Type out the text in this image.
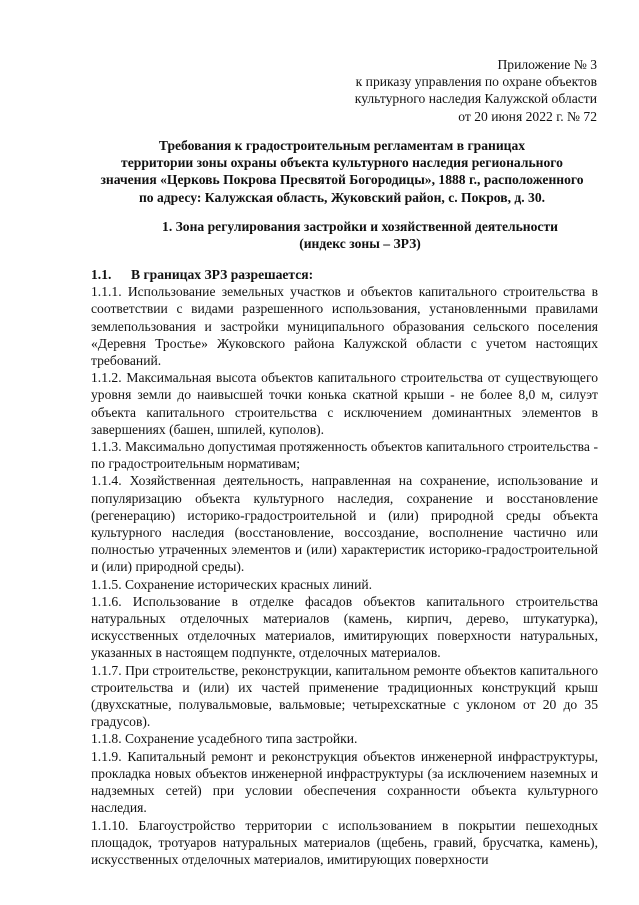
Приложение № 3
к приказу управления по охране объектов
культурного наследия Калужской области
от 20 июня 2022 г. № 72
Требования к градостроительным регламентам в границах
территории зоны охраны объекта культурного наследия регионального
значения «Церковь Покрова Пресвятой Богородицы», 1888 г., расположенного
по адресу: Калужская область, Жуковский район, с. Покров, д. 30.
1. Зона регулирования застройки и хозяйственной деятельности
(индекс зоны – ЗРЗ)

1.1. В границах ЗРЗ разрешается:

1.1.1. Использование земельных участков и объектов капитального строительства в соответствии с видами разрешенного использования, установленными правилами землепользования и застройки муниципального образования сельского поселения «Деревня Тростье» Жуковского района Калужской области с учетом настоящих требований.

1.1.2. Максимальная высота объектов капитального строительства от существующего уровня земли до наивысшей точки конька скатной крыши - не более 8,0 м, силуэт объекта капитального строительства с исключением доминантных элементов в завершениях (башен, шпилей, куполов).

1.1.3. Максимально допустимая протяженность объектов капитального строительства - по градостроительным нормативам;

1.1.4. Хозяйственная деятельность, направленная на сохранение, использование и популяризацию объекта культурного наследия, сохранение и восстановление (регенерацию) историко-градостроительной и (или) природной среды объекта культурного наследия (восстановление, воссоздание, восполнение частично или полностью утраченных элементов и (или) характеристик историко-градостроительной и (или) природной среды).

1.1.5. Сохранение исторических красных линий.

1.1.6. Использование в отделке фасадов объектов капитального строительства натуральных отделочных материалов (камень, кирпич, дерево, штукатурка), искусственных отделочных материалов, имитирующих поверхности натуральных, указанных в настоящем подпункте, отделочных материалов.

1.1.7. При строительстве, реконструкции, капитальном ремонте объектов капитального строительства и (или) их частей применение традиционных конструкций крыш (двухскатные, полувальмовые, вальмовые; четырехскатные с уклоном от 20 до 35 градусов).

1.1.8. Сохранение усадебного типа застройки.

1.1.9. Капитальный ремонт и реконструкция объектов инженерной инфраструктуры, прокладка новых объектов инженерной инфраструктуры (за исключением наземных и надземных сетей) при условии обеспечения сохранности объекта культурного наследия.

1.1.10. Благоустройство территории с использованием в покрытии пешеходных площадок, тротуаров натуральных материалов (щебень, гравий, брусчатка, камень), искусственных отделочных материалов, имитирующих поверхности
